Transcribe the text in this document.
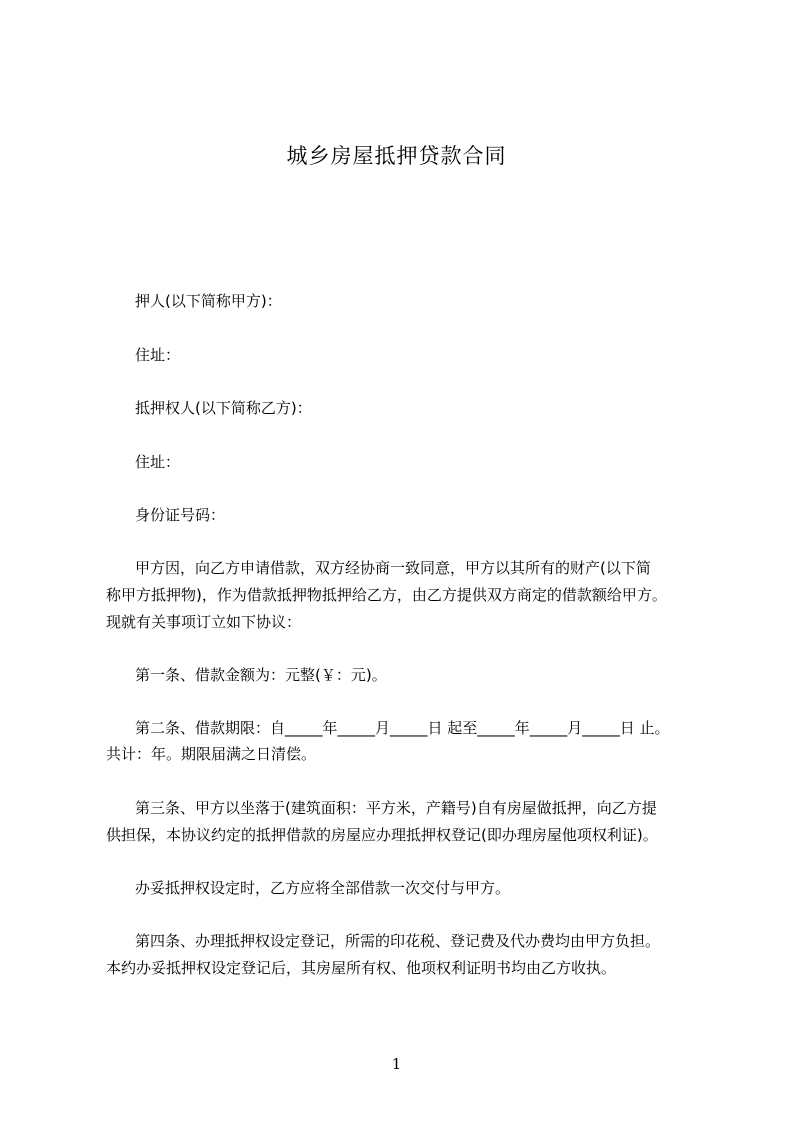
城乡房屋抵押贷款合同
押人(以下简称甲方)：
住址：
抵押权人(以下简称乙方)：
住址：
身份证号码：
甲方因，向乙方申请借款，双方经协商一致同意，甲方以其所有的财产(以下简
称甲方抵押物)，作为借款抵押物抵押给乙方，由乙方提供双方商定的借款额给甲方。
现就有关事项订立如下协议：
第一条、借款金额为：元整(￥：元)。
第二条、借款期限：自_____年_____月_____日 起至_____年_____月_____日 止。
共计：年。期限届满之日清偿。
第三条、甲方以坐落于(建筑面积：平方米，产籍号)自有房屋做抵押，向乙方提
供担保，本协议约定的抵押借款的房屋应办理抵押权登记(即办理房屋他项权利证)。
办妥抵押权设定时，乙方应将全部借款一次交付与甲方。
第四条、办理抵押权设定登记，所需的印花税、登记费及代办费均由甲方负担。
本约办妥抵押权设定登记后，其房屋所有权、他项权利证明书均由乙方收执。
1
